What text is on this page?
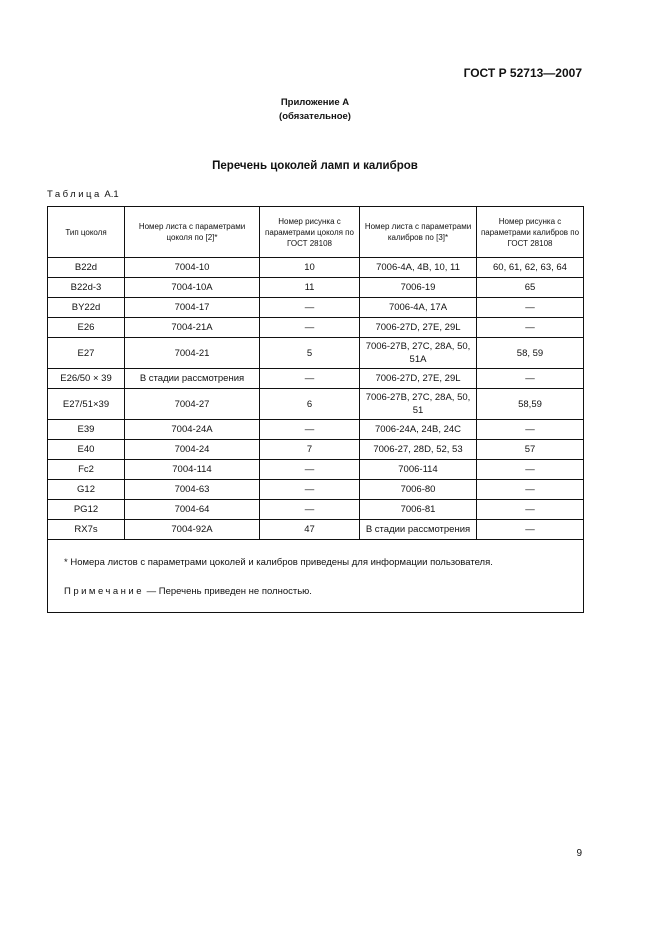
ГОСТ Р 52713—2007
Приложение А
(обязательное)
Перечень цоколей ламп и калибров
Таблица А.1
Тип цоколя	Номер листа с параметрами цоколя по [2]*	Номер рисунка с параметрами цоколя по ГОСТ 28108	Номер листа с параметрами калибров по [3]*	Номер рисунка с параметрами калибров по ГОСТ 28108
B22d	7004-10	10	7006-4A, 4B, 10, 11	60, 61, 62, 63, 64
B22d-3	7004-10A	11	7006-19	65
BY22d	7004-17	—	7006-4A, 17A	—
E26	7004-21A	—	7006-27D, 27E, 29L	—
E27	7004-21	5	7006-27B, 27C, 28A, 50, 51A	58, 59
E26/50 × 39	В стадии рассмотрения	—	7006-27D, 27E, 29L	—
E27/51×39	7004-27	6	7006-27B, 27C, 28A, 50, 51	58,59
E39	7004-24A	—	7006-24A, 24B, 24C	—
E40	7004-24	7	7006-27, 28D, 52, 53	57
Fc2	7004-114	—	7006-114	—
G12	7004-63	—	7006-80	—
PG12	7004-64	—	7006-81	—
RX7s	7004-92A	47	В стадии рассмотрения	—

* Номера листов с параметрами цоколей и калибров приведены для информации пользователя.
Примечание — Перечень приведен не полностью.				
9
